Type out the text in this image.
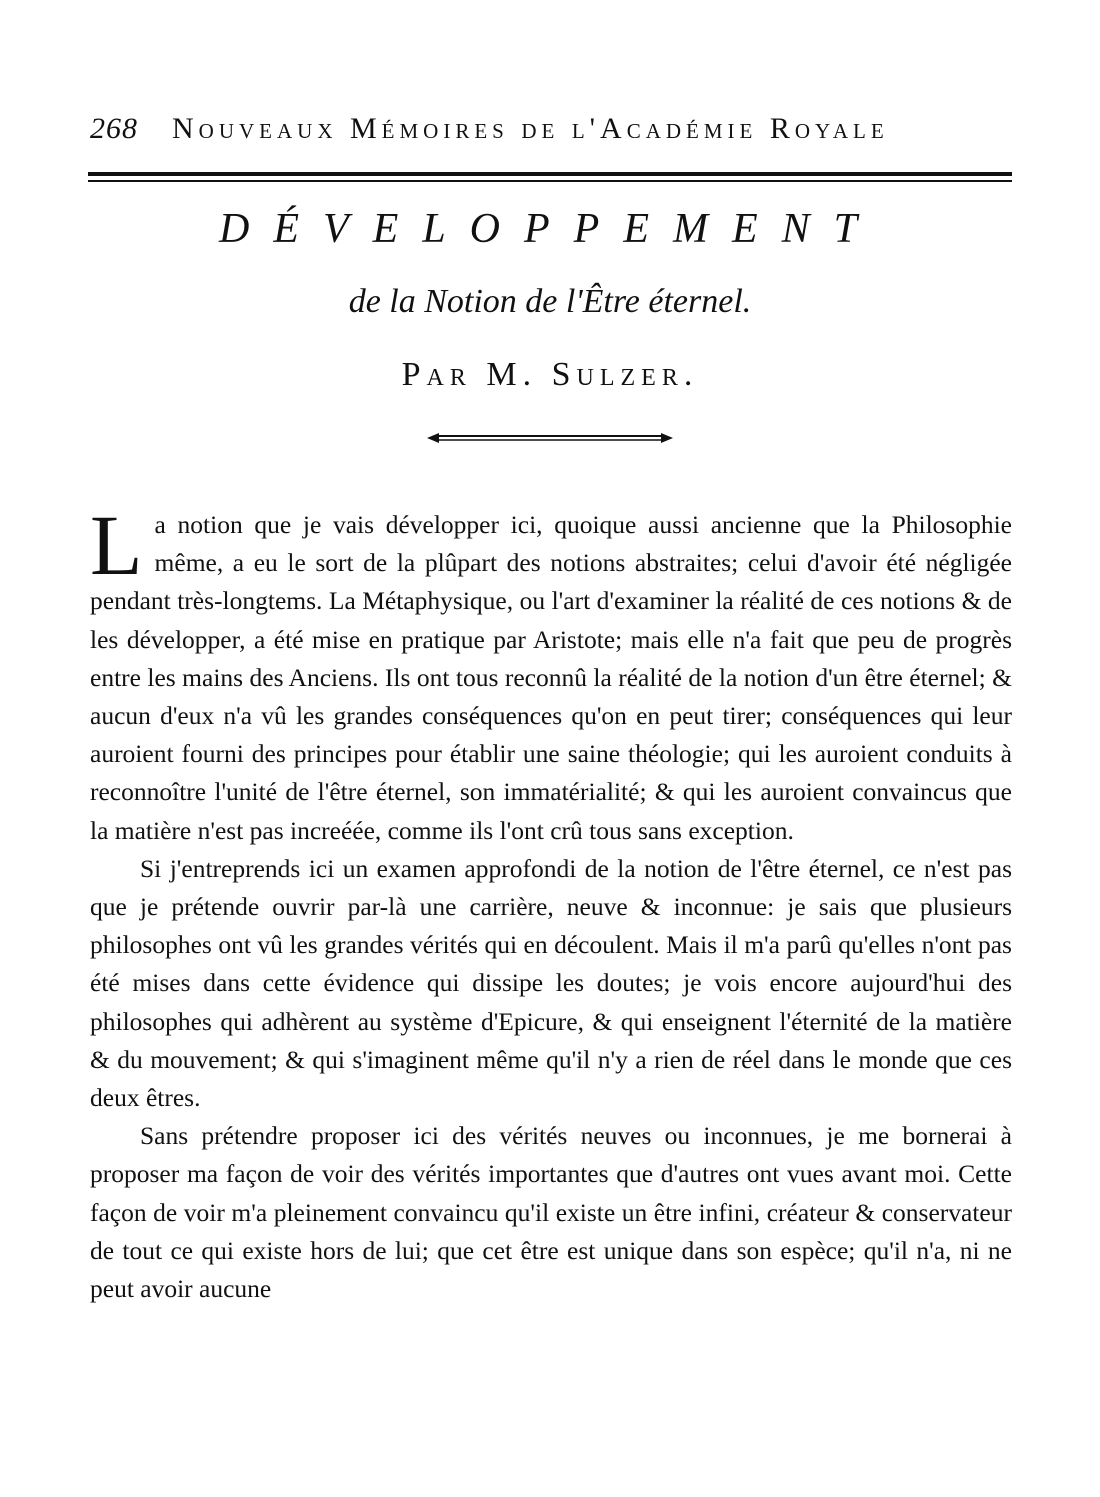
268 Nouveaux Mémoires de l'Académie Royale
DÉVELOPPEMENT
de la Notion de l'Être éternel.
Par M. Sulzer.

La notion que je vais développer ici, quoique aussi ancienne que la Philosophie même, a eu le sort de la plûpart des notions abstraites; celui d'avoir été négligée pendant très-longtems. La Métaphysique, ou l'art d'examiner la réalité de ces notions & de les développer, a été mise en pratique par Aristote; mais elle n'a fait que peu de progrès entre les mains des Anciens. Ils ont tous reconnû la réalité de la notion d'un être éternel; & aucun d'eux n'a vû les grandes conséquences qu'on en peut tirer; conséquences qui leur auroient fourni des principes pour établir une saine théologie; qui les auroient conduits à reconnoître l'unité de l'être éternel, son immatérialité; & qui les auroient convaincus que la matière n'est pas increéée, comme ils l'ont crû tous sans exception.

Si j'entreprends ici un examen approfondi de la notion de l'être éternel, ce n'est pas que je prétende ouvrir par-là une carrière, neuve & inconnue: je sais que plusieurs philosophes ont vû les grandes vérités qui en découlent. Mais il m'a parû qu'elles n'ont pas été mises dans cette évidence qui dissipe les doutes; je vois encore aujourd'hui des philosophes qui adhèrent au système d'Epicure, & qui enseignent l'éternité de la matière & du mouvement; & qui s'imaginent même qu'il n'y a rien de réel dans le monde que ces deux êtres.

Sans prétendre proposer ici des vérités neuves ou inconnues, je me bornerai à proposer ma façon de voir des vérités importantes que d'autres ont vues avant moi. Cette façon de voir m'a pleinement convaincu qu'il existe un être infini, créateur & conservateur de tout ce qui existe hors de lui; que cet être est unique dans son espèce; qu'il n'a, ni ne peut avoir aucune
